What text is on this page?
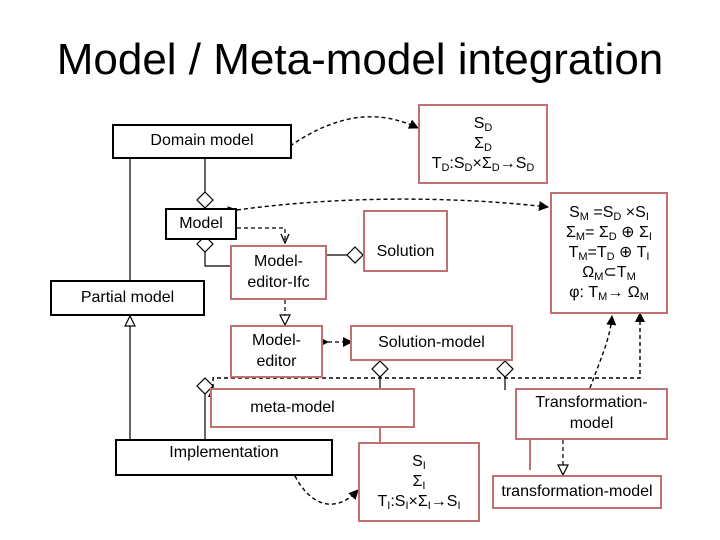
Model / Meta-model integration
Domain model
$S_D$
$\Sigma_D$
$T_D:S_D\times\Sigma_D\to S_D$
Model
$S_M =S_D \times S_I$
$\Sigma_M= \Sigma_D$ ⊕ $\Sigma_I$
$T_M=T_D$ ⊕ $T_I$
$\Omega_M\subset T_M$
φ: $T_M\to \Omega_M$
Partial model
Model-editor-Ifc
Solution
Model-editor
Solution-model
meta-model	Transformation-model
Implementation
$S_I$
$\Sigma_I$
$T_I:S_I\times\Sigma_I\to S_I$
transformation-model
